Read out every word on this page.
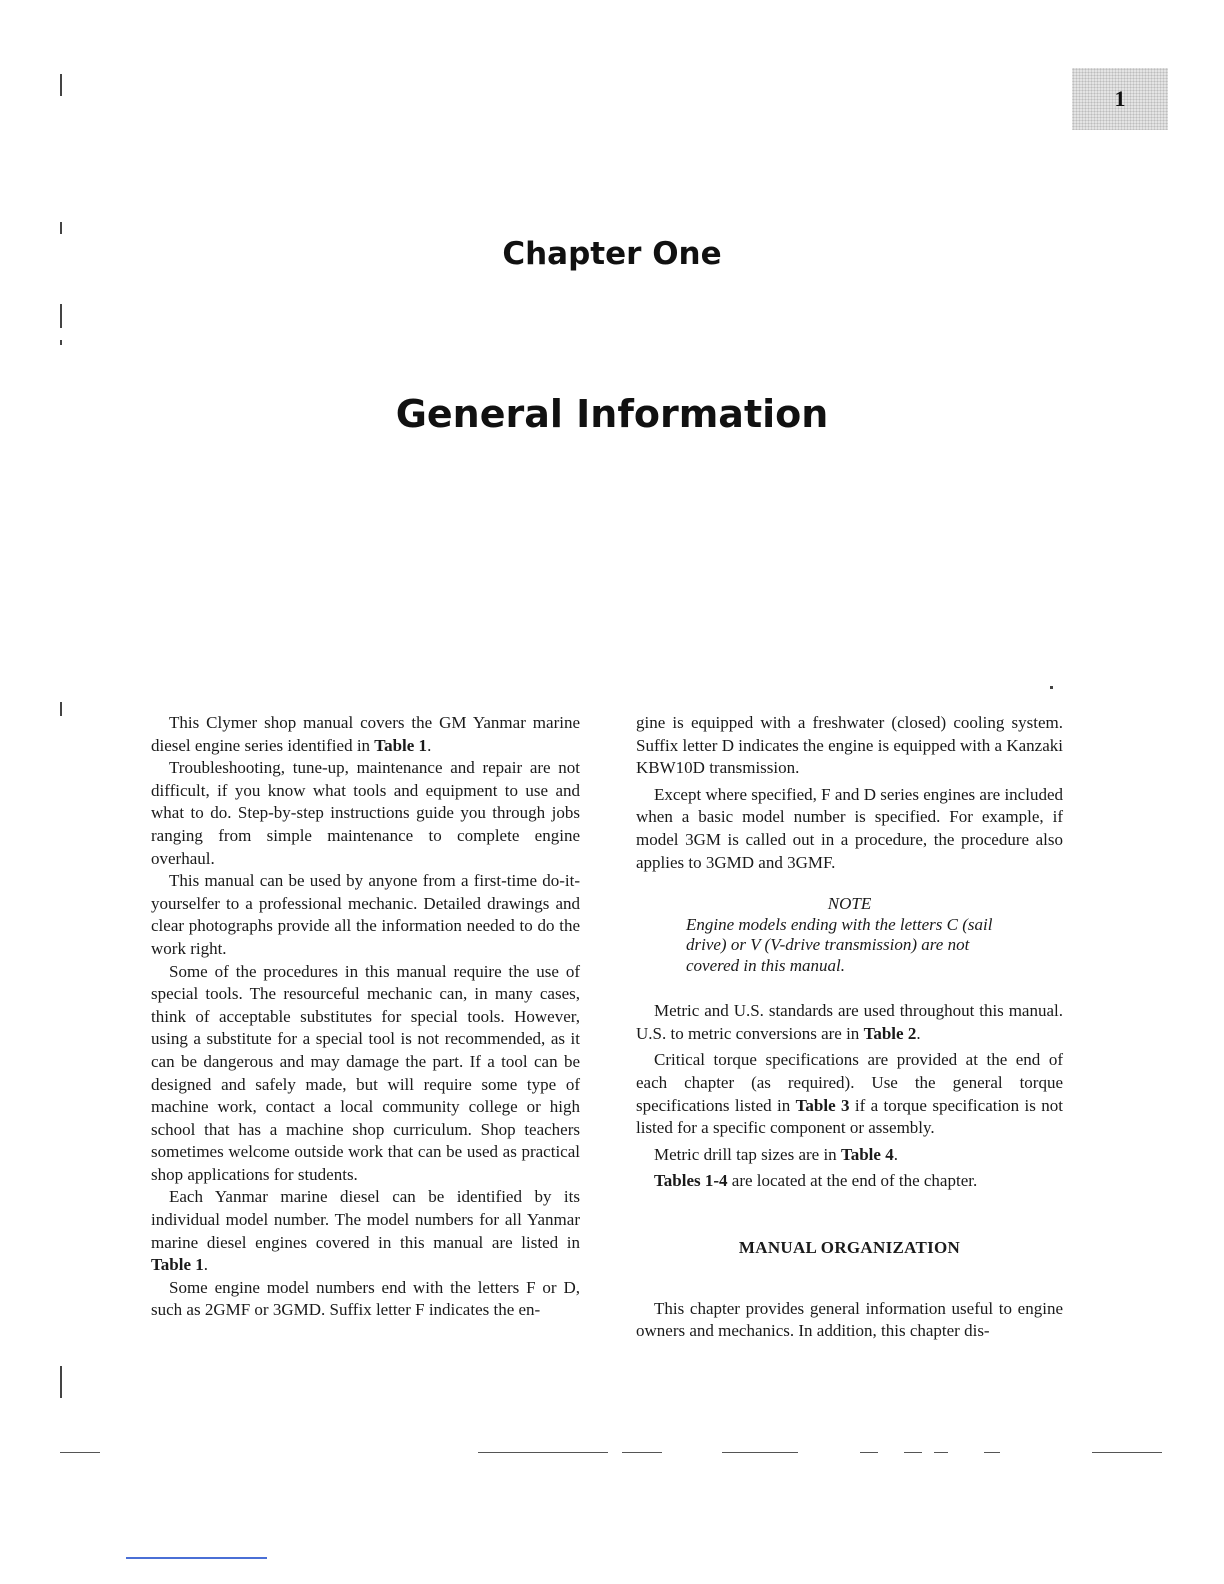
1
Chapter One
General Information

This Clymer shop manual covers the GM Yanmar marine diesel engine series identified in Table 1.

Troubleshooting, tune-up, maintenance and repair are not difficult, if you know what tools and equipment to use and what to do. Step-by-step instructions guide you through jobs ranging from simple maintenance to complete engine overhaul.

This manual can be used by anyone from a first-time do-it-yourselfer to a professional mechanic. Detailed drawings and clear photographs provide all the information needed to do the work right.

Some of the procedures in this manual require the use of special tools. The resourceful mechanic can, in many cases, think of acceptable substitutes for special tools. However, using a substitute for a special tool is not recommended, as it can be dangerous and may damage the part. If a tool can be designed and safely made, but will require some type of machine work, contact a local community college or high school that has a machine shop curriculum. Shop teachers sometimes welcome outside work that can be used as practical shop applications for students.

Each Yanmar marine diesel can be identified by its individual model number. The model numbers for all Yanmar marine diesel engines covered in this manual are listed in Table 1.

Some engine model numbers end with the letters F or D, such as 2GMF or 3GMD. Suffix letter F indicates the en-

gine is equipped with a freshwater (closed) cooling system. Suffix letter D indicates the engine is equipped with a Kanzaki KBW10D transmission.

Except where specified, F and D series engines are included when a basic model number is specified. For example, if model 3GM is called out in a procedure, the procedure also applies to 3GMD and 3GMF.

NOTE
Engine models ending with the letters C (sail drive) or V (V-drive transmission) are not covered in this manual.

Metric and U.S. standards are used throughout this manual. U.S. to metric conversions are in Table 2.

Critical torque specifications are provided at the end of each chapter (as required). Use the general torque specifications listed in Table 3 if a torque specification is not listed for a specific component or assembly.

Metric drill tap sizes are in Table 4.

Tables 1-4 are located at the end of the chapter.

MANUAL ORGANIZATION

This chapter provides general information useful to engine owners and mechanics. In addition, this chapter dis-
